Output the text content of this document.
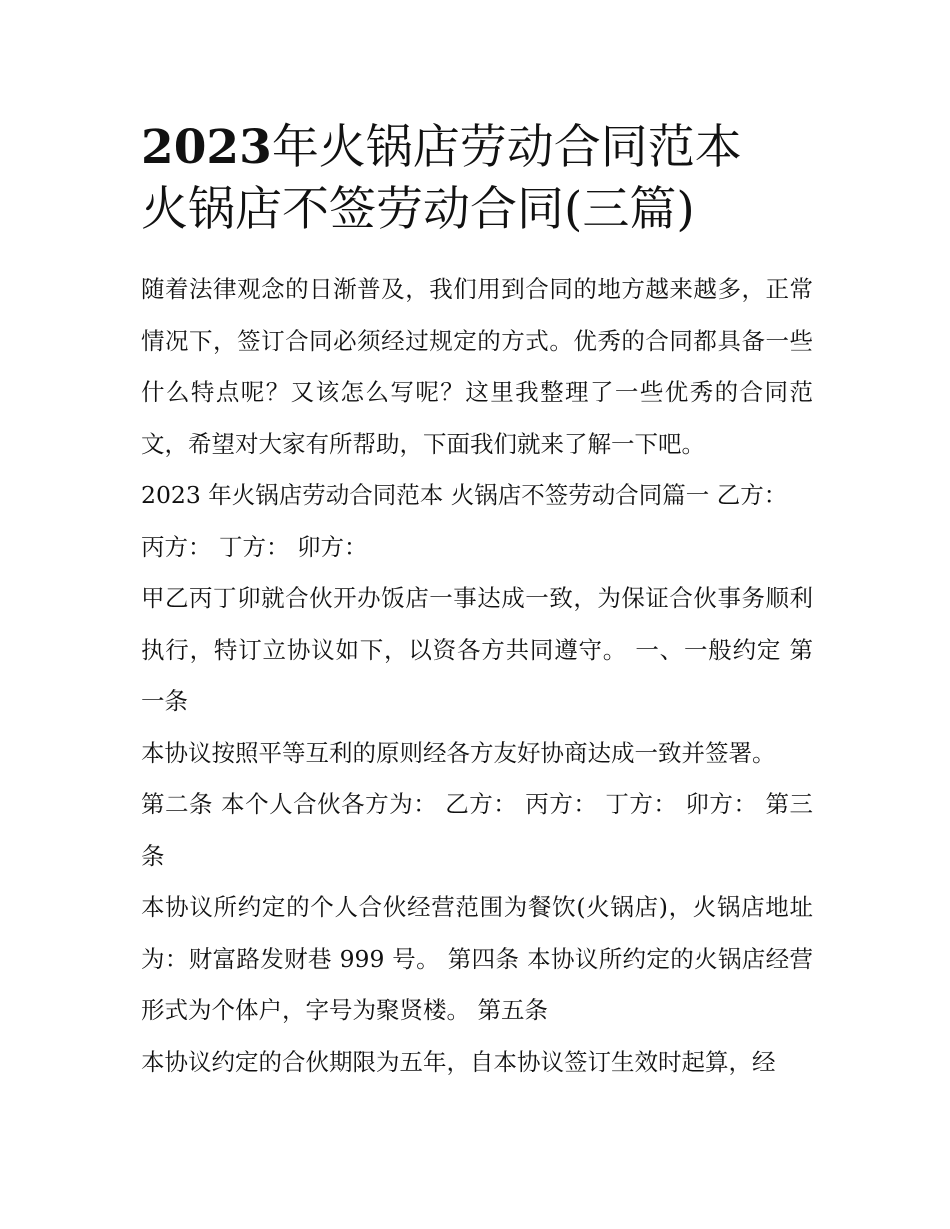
2023年火锅店劳动合同范本
火锅店不签劳动合同(三篇)

随着法律观念的日渐普及，我们用到合同的地方越来越多，正常情况下，签订合同必须经过规定的方式。优秀的合同都具备一些什么特点呢？又该怎么写呢？这里我整理了一些优秀的合同范文，希望对大家有所帮助，下面我们就来了解一下吧。

2023 年火锅店劳动合同范本 火锅店不签劳动合同篇一 乙方：

丙方： 丁方： 卯方：

甲乙丙丁卯就合伙开办饭店一事达成一致，为保证合伙事务顺利执行，特订立协议如下，以资各方共同遵守。 一、一般约定 第一条

本协议按照平等互利的原则经各方友好协商达成一致并签署。

第二条 本个人合伙各方为： 乙方： 丙方： 丁方： 卯方： 第三条

本协议所约定的个人合伙经营范围为餐饮(火锅店)，火锅店地址为：财富路发财巷 999 号。 第四条 本协议所约定的火锅店经营形式为个体户，字号为聚贤楼。 第五条

本协议约定的合伙期限为五年，自本协议签订生效时起算，经
